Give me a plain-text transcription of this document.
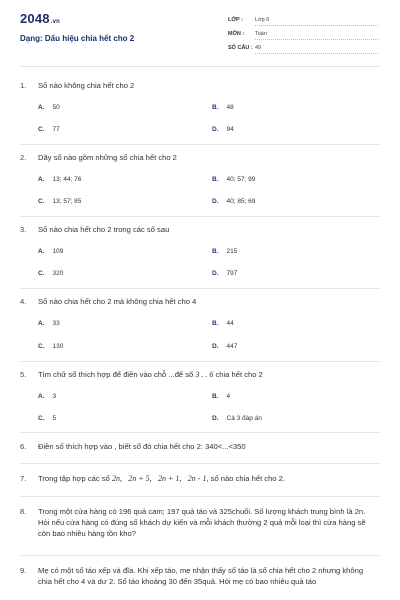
2048.vn
Dạng: Dấu hiệu chia hết cho 2
LỚP : Lớp 6
MÔN : Toán
SỐ CÂU : 49
1. Số nào không chia hết cho 2
A. 50	B. 48
C. 77	D. 94
2. Dãy số nào gồm những số chia hết cho 2
A. 13; 44; 76	B. 40; 57; 99
C. 13; 57; 85	D. 40; 85; 69
3. Số nào chia hết cho 2 trong các số sau
A. 109	B. 215
C. 320	D. 797
4. Số nào chia hết cho 2 mà không chia hết cho 4
A. 33	B. 44
C. 130	D. 447
5. Tìm chữ số thích hợp để điền vào chỗ ...để số 3 . . 6 chia hết cho 2
A. 3	B. 4
C. 5	D. Cả 3 đáp án
6. Điền số thích hợp vào , biết số đó chia hết cho 2: 340<...<350
7. Trong tập hợp các số 2n, 2n + 5, 2n + 1, 2n - 1, số nào chia hết cho 2.
8. Trong một cửa hàng có 196 quả cam; 197 quả táo và 325chuối. Số lượng khách trung bình là 2n. Hỏi nếu cửa hàng có đúng số khách dự kiến và mỗi khách thường 2 quả mỗi loại thì cửa hàng sẽ còn bao nhiêu hàng tồn kho?
9. Mẹ có một số táo xếp và đĩa. Khi xếp táo, mẹ nhận thấy số táo là số chia hết cho 2 nhưng không chia hết cho 4 và dư 2. Số táo khoảng 30 đến 35quả. Hỏi mẹ có bao nhiêu quả táo
